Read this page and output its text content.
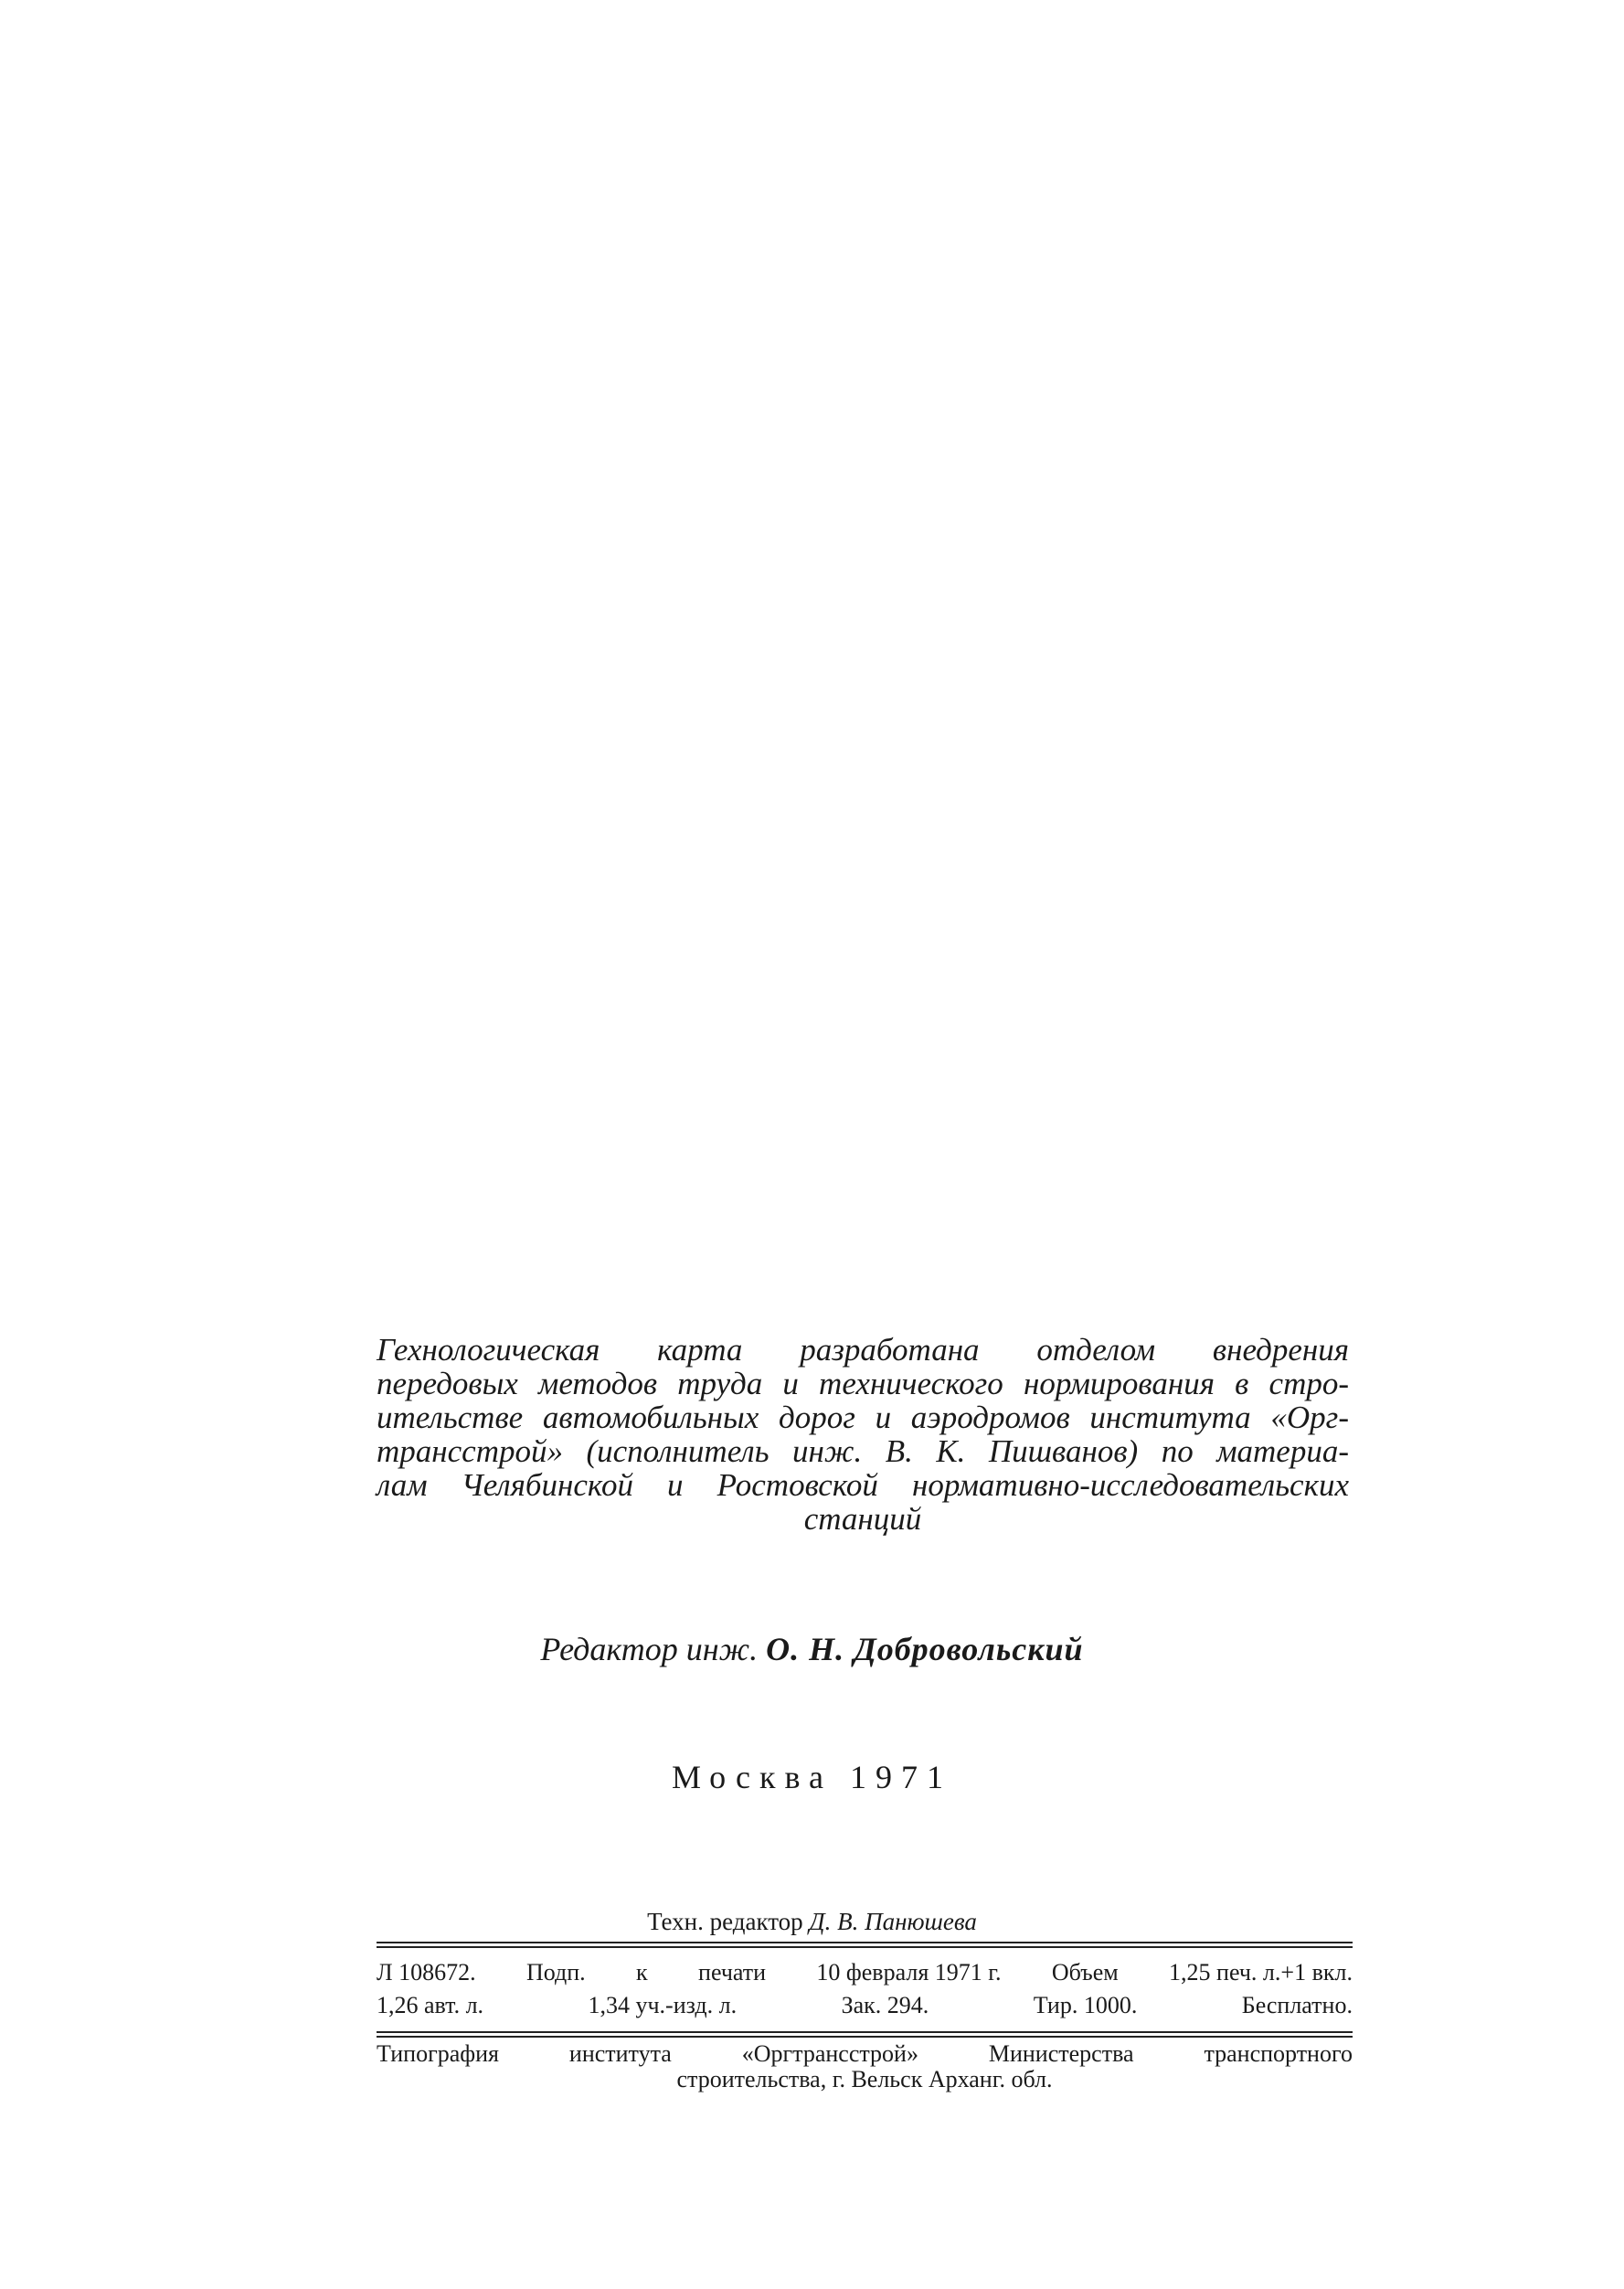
Гехнологическая карта разработана отделом внедрения
передовых методов труда и технического нормирования в стро-
ительстве автомобильных дорог и аэродромов института «Орг-
трансстрой» (исполнитель инж. В. К. Пишванов) по материа-
лам Челябинской и Ростовской нормативно-исследовательских
станций
Редактор инж. О. Н. Добровольский
Москва 1971
Техн. редактор Д. В. Панюшева
Л 108672. Подп. к печати 10 февраля 1971 г. Объем 1,25 печ. л.+1 вкл.
1,26 авт. л.	1,34 уч.-изд. л.	Зак. 294.	Тир. 1000.	Бесплатно.
Типография	института	«Оргтрансстрой»	Министерства	транспортного
строительства, г. Вельск Арханг. обл.
